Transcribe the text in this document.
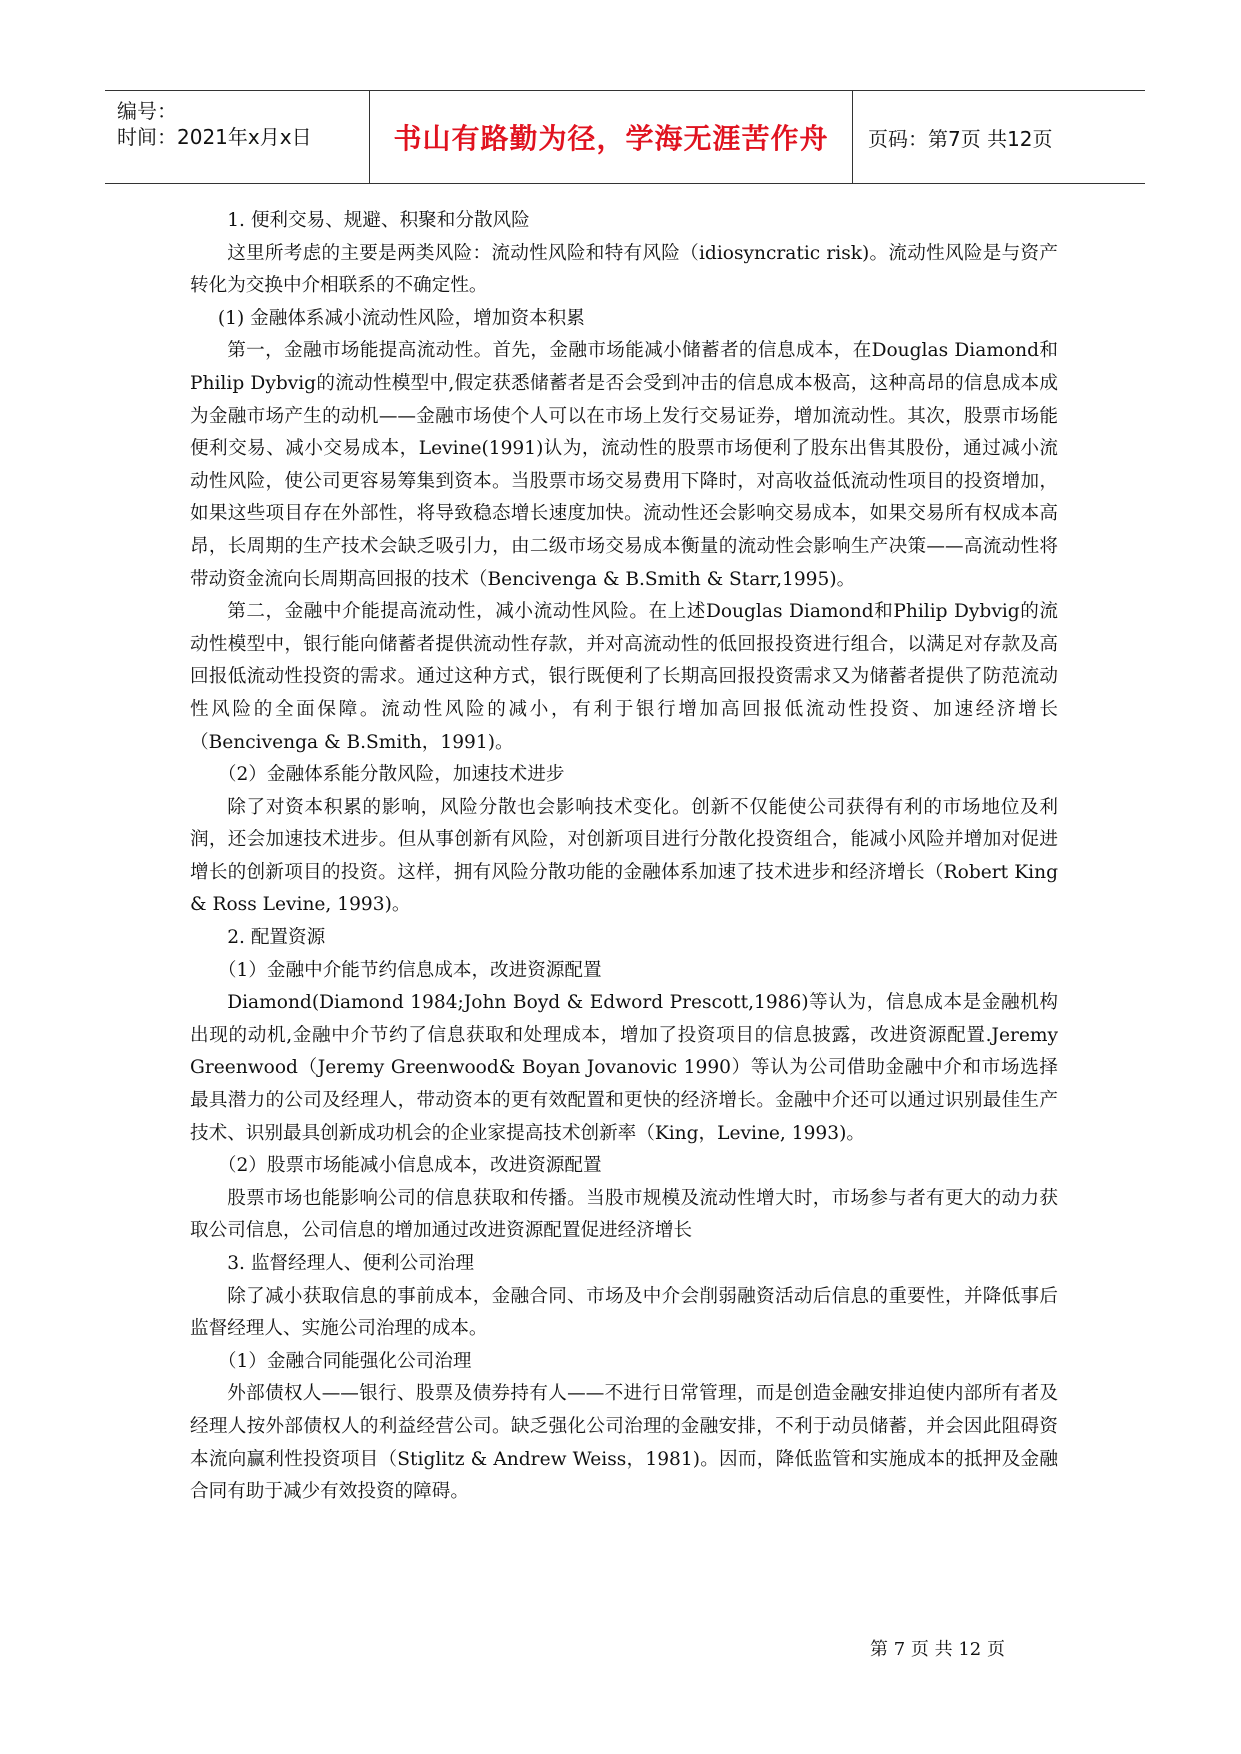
编号：
时间：2021年x月x日	书山有路勤为径，学海无涯苦作舟 页码：第7页 共12页

1. 便利交易、规避、积聚和分散风险

这里所考虑的主要是两类风险：流动性风险和特有风险（idiosyncratic risk)。流动性风险是与资产转化为交换中介相联系的不确定性。

(1) 金融体系减小流动性风险，增加资本积累

第一，金融市场能提高流动性。首先，金融市场能减小储蓄者的信息成本，在Douglas Diamond和Philip Dybvig的流动性模型中,假定获悉储蓄者是否会受到冲击的信息成本极高，这种高昂的信息成本成为金融市场产生的动机——金融市场使个人可以在市场上发行交易证券，增加流动性。其次，股票市场能便利交易、减小交易成本，Levine(1991)认为，流动性的股票市场便利了股东出售其股份，通过减小流动性风险，使公司更容易筹集到资本。当股票市场交易费用下降时，对高收益低流动性项目的投资增加，如果这些项目存在外部性，将导致稳态增长速度加快。流动性还会影响交易成本，如果交易所有权成本高昂，长周期的生产技术会缺乏吸引力，由二级市场交易成本衡量的流动性会影响生产决策——高流动性将带动资金流向长周期高回报的技术（Bencivenga & B.Smith & Starr,1995)。

第二，金融中介能提高流动性，减小流动性风险。在上述Douglas Diamond和Philip Dybvig的流动性模型中，银行能向储蓄者提供流动性存款，并对高流动性的低回报投资进行组合，以满足对存款及高回报低流动性投资的需求。通过这种方式，银行既便利了长期高回报投资需求又为储蓄者提供了防范流动性风险的全面保障。流动性风险的减小，有利于银行增加高回报低流动性投资、加速经济增长（Bencivenga & B.Smith，1991)。

（2）金融体系能分散风险，加速技术进步

除了对资本积累的影响，风险分散也会影响技术变化。创新不仅能使公司获得有利的市场地位及利润，还会加速技术进步。但从事创新有风险，对创新项目进行分散化投资组合，能减小风险并增加对促进增长的创新项目的投资。这样，拥有风险分散功能的金融体系加速了技术进步和经济增长（Robert King & Ross Levine, 1993)。

2. 配置资源

（1）金融中介能节约信息成本，改进资源配置

Diamond(Diamond 1984;John Boyd & Edword Prescott,1986)等认为，信息成本是金融机构出现的动机,金融中介节约了信息获取和处理成本，增加了投资项目的信息披露，改进资源配置.Jeremy Greenwood（Jeremy Greenwood& Boyan Jovanovic 1990）等认为公司借助金融中介和市场选择最具潜力的公司及经理人，带动资本的更有效配置和更快的经济增长。金融中介还可以通过识别最佳生产技术、识别最具创新成功机会的企业家提高技术创新率（King，Levine, 1993)。

（2）股票市场能减小信息成本，改进资源配置

股票市场也能影响公司的信息获取和传播。当股市规模及流动性增大时，市场参与者有更大的动力获取公司信息，公司信息的增加通过改进资源配置促进经济增长

3. 监督经理人、便利公司治理

除了减小获取信息的事前成本，金融合同、市场及中介会削弱融资活动后信息的重要性，并降低事后监督经理人、实施公司治理的成本。

（1）金融合同能强化公司治理

外部债权人——银行、股票及债券持有人——不进行日常管理，而是创造金融安排迫使内部所有者及经理人按外部债权人的利益经营公司。缺乏强化公司治理的金融安排，不利于动员储蓄，并会因此阻碍资本流向赢利性投资项目（Stiglitz & Andrew Weiss，1981)。因而，降低监管和实施成本的抵押及金融合同有助于减少有效投资的障碍。

第 7 页 共 12 页
